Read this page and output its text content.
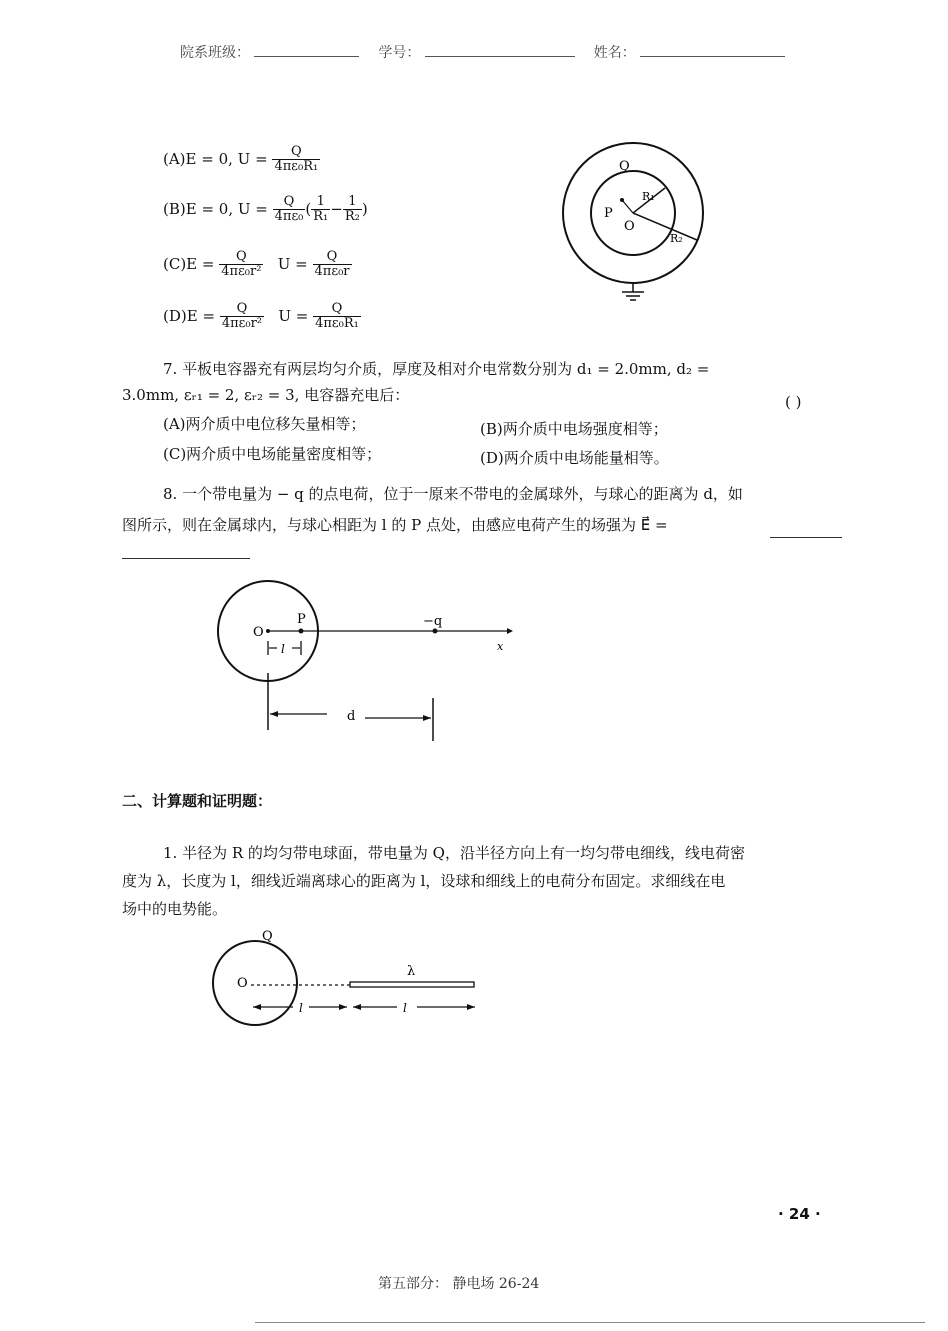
院系班级：	学号：	姓名：
(A)E = 0, $U = \frac{Q}{\text{4πε₀R₁}}$
(B)E = 0, $U = \frac{Q}{\text{4πε₀}}$ ( $\frac{1}{\text{R₁}} - \frac{1}{\text{R₂}}$ )
$(C)E = \frac{Q}{\text{4πε₀r²}}$ $U = \frac{Q}{\text{4πε₀r}}$
$(D)E = \frac{Q}{\text{4πε₀r²}}$ $U = \frac{Q}{\text{4πε₀R₁}}$
Q
P
O
R₁
R₂
7. 平板电容器充有两层均匀介质，厚度及相对介电常数分别为 d₁ = 2.0mm, d₂ =
3.0mm, εᵣ₁ = 2, εᵣ₂ = 3, 电容器充电后：	( )
(A)两介质中电位移矢量相等；	(B)两介质中电场强度相等；
(C)两介质中电场能量密度相等；	(D)两介质中电场能量相等。
8. 一个带电量为 − q 的点电荷，位于一原来不带电的金属球外，与球心的距离为 d，如
图所示，则在金属球内，与球心相距为 l 的 P 点处，由感应电荷产生的场强为 E⃗ =
O
P	−q
x
l
d
二、计算题和证明题：
1. 半径为 R 的均匀带电球面，带电量为 Q，沿半径方向上有一均匀带电细线，线电荷密
度为 λ，长度为 l，细线近端离球心的距离为 l，设球和细线上的电荷分布固定。求细线在电
场中的电势能。
Q
O
λ
l	l
· 24 ·
第五部分： 静电场 26-24
